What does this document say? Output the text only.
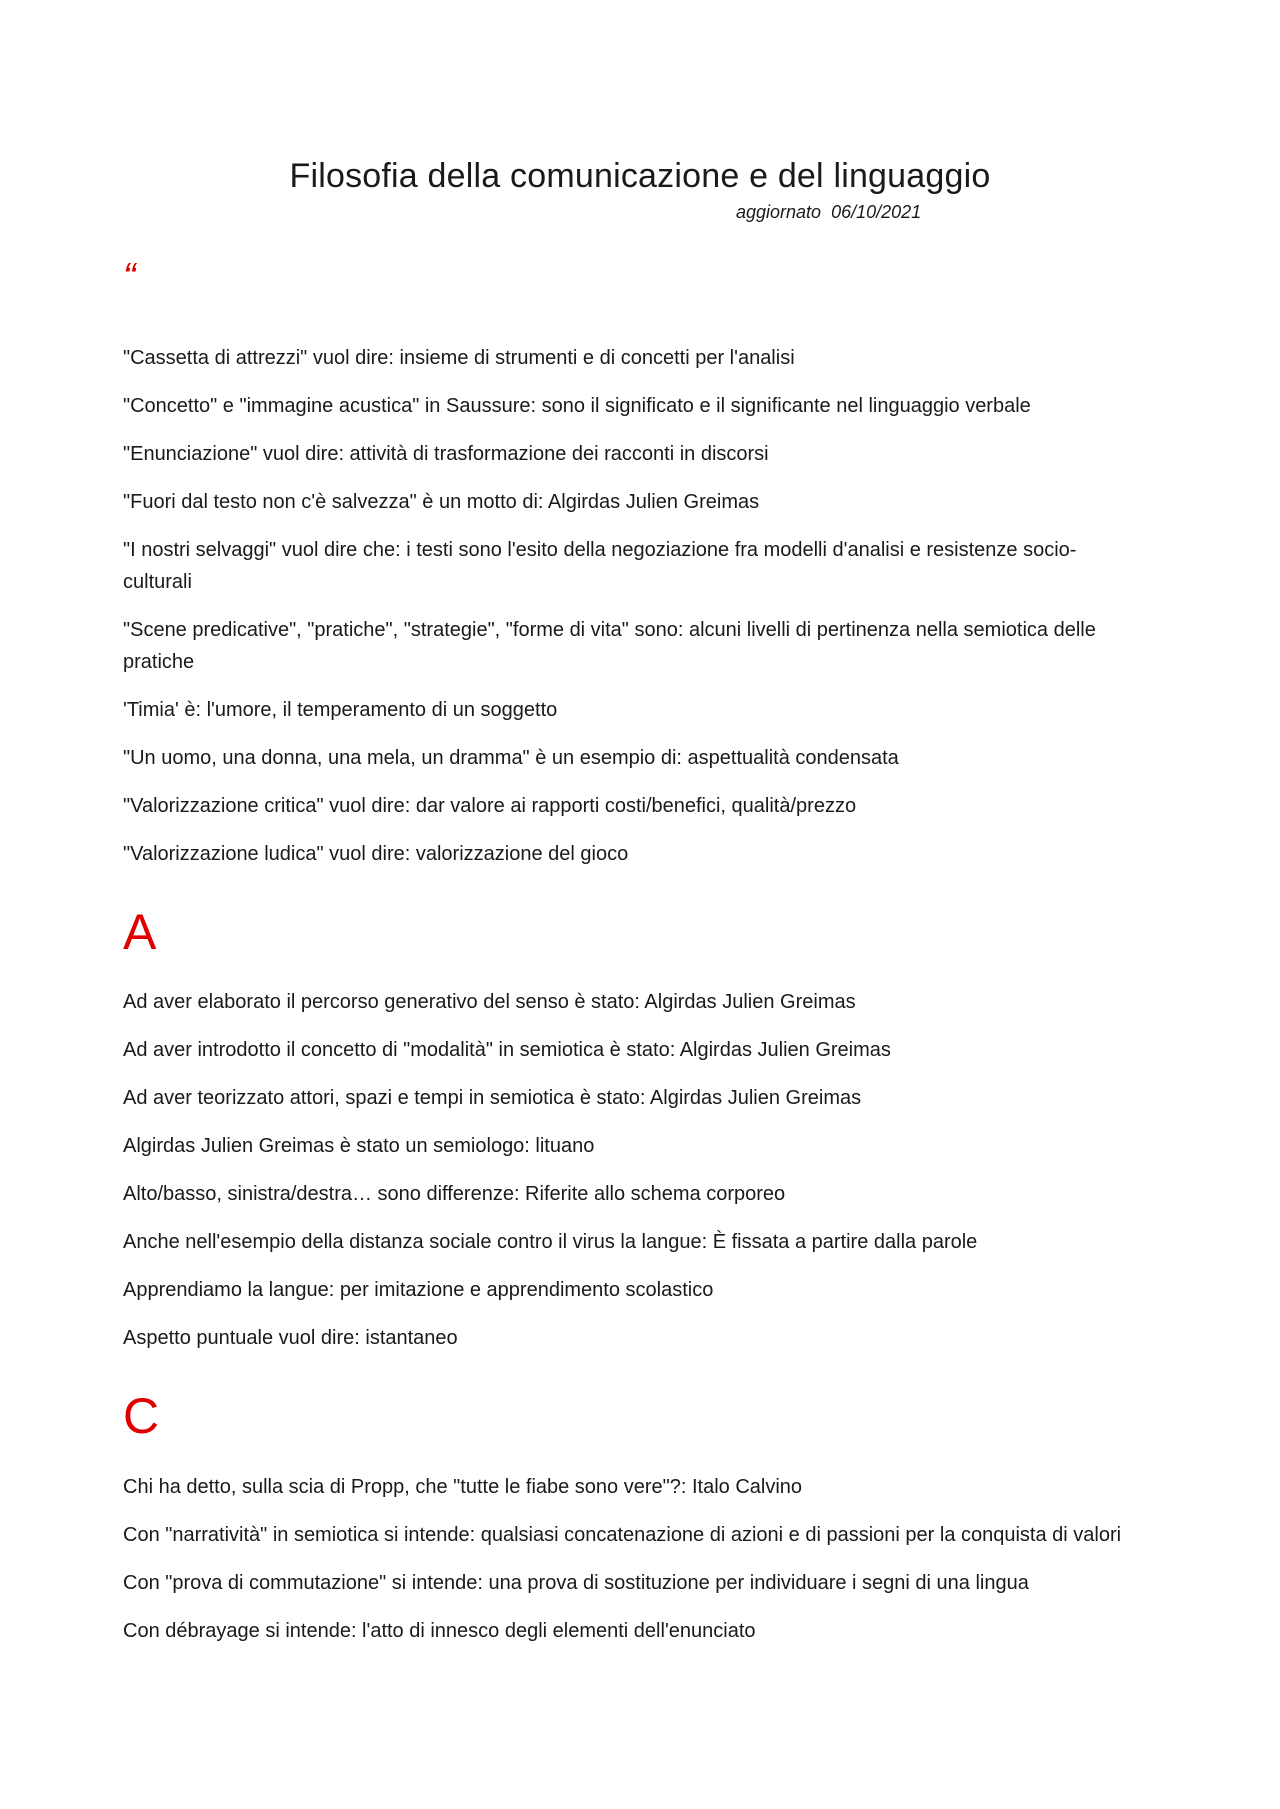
Filosofia della comunicazione e del linguaggio
aggiornato  06/10/2021
“
"Cassetta di attrezzi" vuol dire: insieme di strumenti e di concetti per l'analisi
"Concetto" e "immagine acustica" in Saussure: sono il significato e il significante nel linguaggio verbale
"Enunciazione" vuol dire: attività di trasformazione dei racconti in discorsi
"Fuori dal testo non c'è salvezza" è un motto di: Algirdas Julien Greimas
"I nostri selvaggi" vuol dire che: i testi sono l'esito della negoziazione fra modelli d'analisi e resistenze socio-culturali
"Scene predicative", "pratiche", "strategie", "forme di vita" sono: alcuni livelli di pertinenza nella semiotica delle pratiche
'Timia' è: l'umore, il temperamento di un soggetto
"Un uomo, una donna, una mela, un dramma" è un esempio di: aspettualità condensata
"Valorizzazione critica" vuol dire: dar valore ai rapporti costi/benefici, qualità/prezzo
"Valorizzazione ludica" vuol dire: valorizzazione del gioco
A
Ad aver elaborato il percorso generativo del senso è stato: Algirdas Julien Greimas
Ad aver introdotto il concetto di "modalità" in semiotica è stato: Algirdas Julien Greimas
Ad aver teorizzato attori, spazi e tempi in semiotica è stato: Algirdas Julien Greimas
Algirdas Julien Greimas è stato un semiologo: lituano
Alto/basso, sinistra/destra… sono differenze: Riferite allo schema corporeo
Anche nell'esempio della distanza sociale contro il virus la langue: È fissata a partire dalla parole
Apprendiamo la langue: per imitazione e apprendimento scolastico
Aspetto puntuale vuol dire: istantaneo
C
Chi ha detto, sulla scia di Propp, che "tutte le fiabe sono vere"?: Italo Calvino
Con "narratività" in semiotica si intende: qualsiasi concatenazione di azioni e di passioni per la conquista di valori
Con "prova di commutazione" si intende: una prova di sostituzione per individuare i segni di una lingua
Con débrayage si intende: l'atto di innesco degli elementi dell'enunciato
